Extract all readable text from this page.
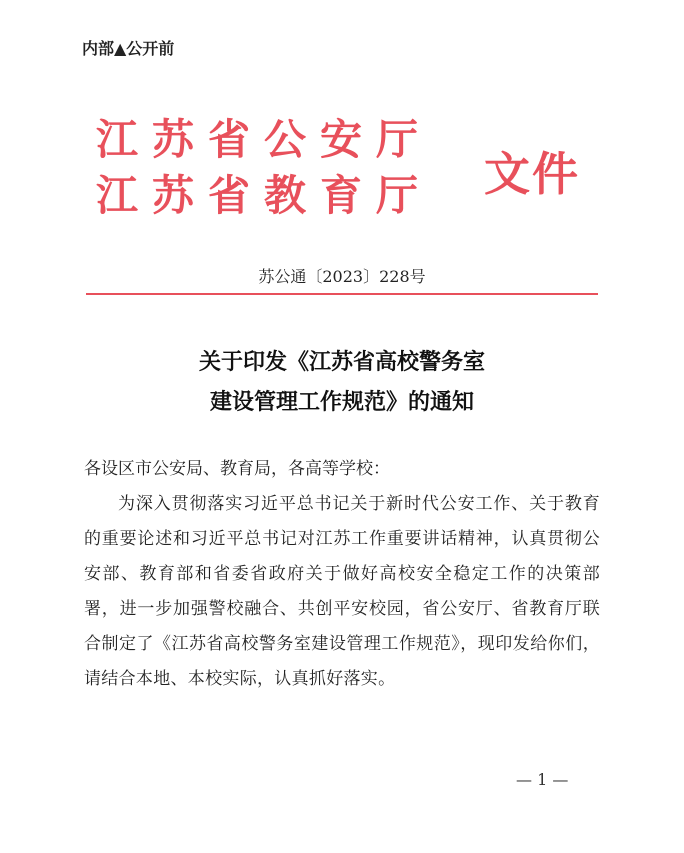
内部▲公开前
江苏省公安厅
江苏省教育厅 文件
苏公通〔2023〕228号
关于印发《江苏省高校警务室
建设管理工作规范》的通知
各设区市公安局、教育局，各高等学校：
为深入贯彻落实习近平总书记关于新时代公安工作、关于教育的重要论述和习近平总书记对江苏工作重要讲话精神，认真贯彻公安部、教育部和省委省政府关于做好高校安全稳定工作的决策部署，进一步加强警校融合、共创平安校园，省公安厅、省教育厅联合制定了《江苏省高校警务室建设管理工作规范》，现印发给你们，请结合本地、本校实际，认真抓好落实。
— 1 —
